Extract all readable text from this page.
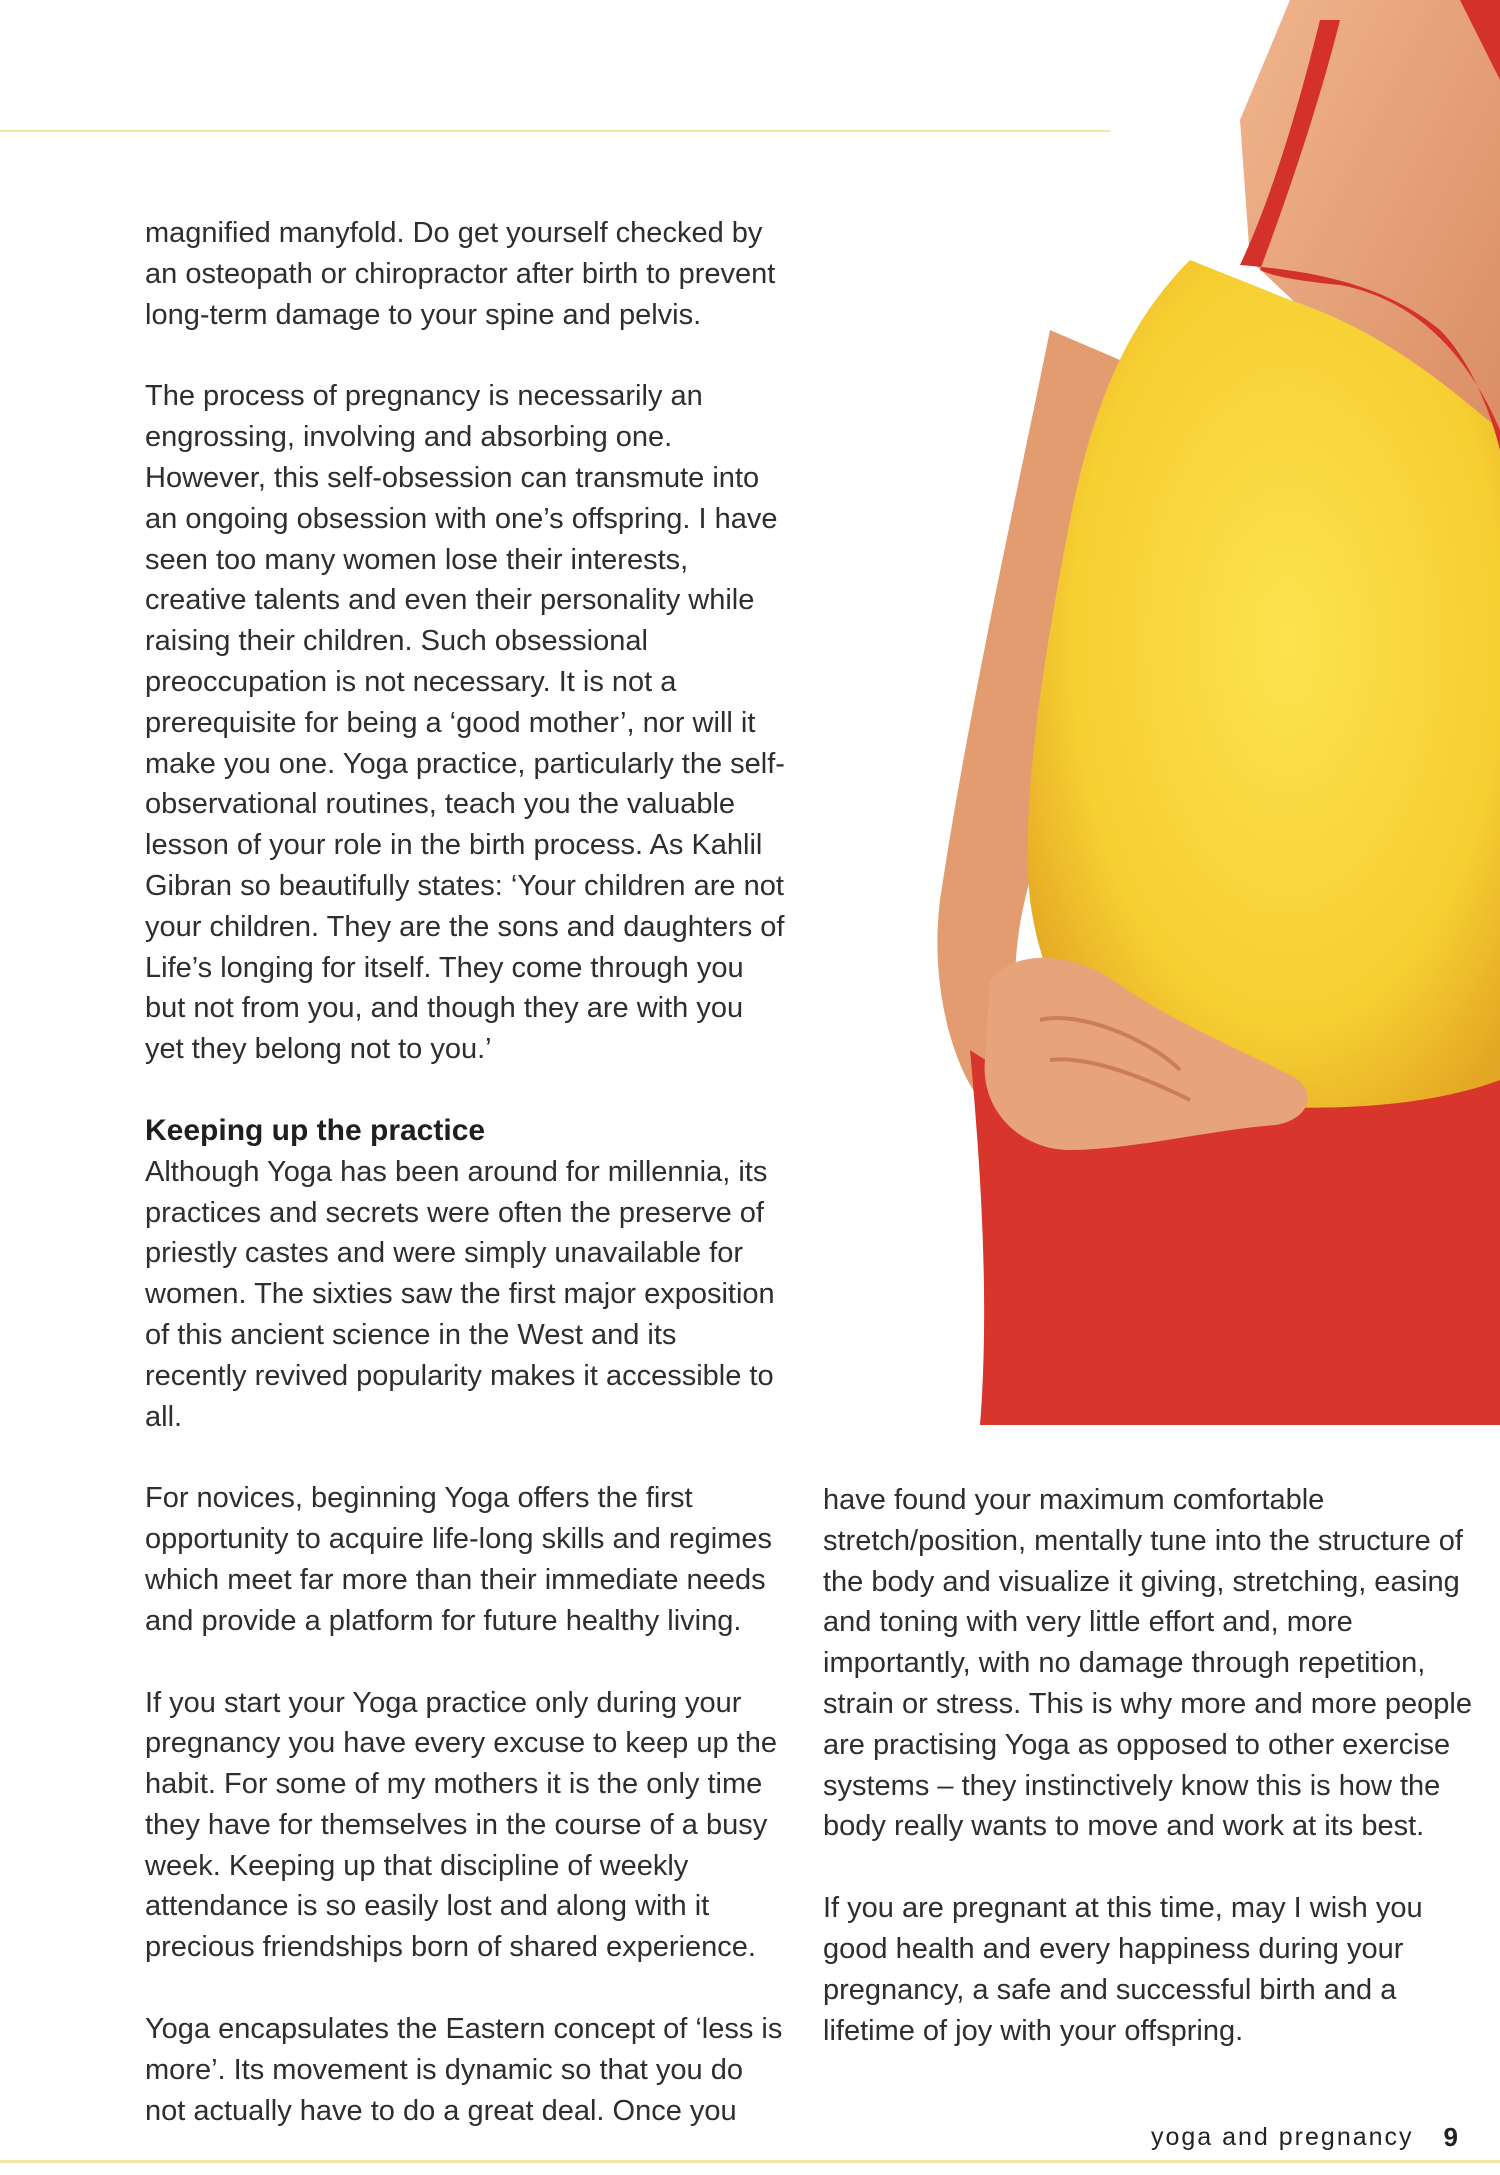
magnified manyfold. Do get yourself checked by an osteopath or chiropractor after birth to prevent long-term damage to your spine and pelvis.

The process of pregnancy is necessarily an engrossing, involving and absorbing one. However, this self-obsession can transmute into an ongoing obsession with one’s offspring. I have seen too many women lose their interests, creative talents and even their personality while raising their children. Such obsessional preoccupation is not necessary. It is not a prerequisite for being a ‘good mother’, nor will it make you one. Yoga practice, particularly the self-observational routines, teach you the valuable lesson of your role in the birth process. As Kahlil Gibran so beautifully states: ‘Your children are not your children. They are the sons and daughters of Life’s longing for itself. They come through you but not from you, and though they are with you yet they belong not to you.’

Keeping up the practice

Although Yoga has been around for millennia, its practices and secrets were often the preserve of priestly castes and were simply unavailable for women. The sixties saw the first major exposition of this ancient science in the West and its recently revived popularity makes it accessible to all.

For novices, beginning Yoga offers the first opportunity to acquire life-long skills and regimes which meet far more than their immediate needs and provide a platform for future healthy living.

If you start your Yoga practice only during your pregnancy you have every excuse to keep up the habit. For some of my mothers it is the only time they have for themselves in the course of a busy week. Keeping up that discipline of weekly attendance is so easily lost and along with it precious friendships born of shared experience.

Yoga encapsulates the Eastern concept of ‘less is more’. Its movement is dynamic so that you do not actually have to do a great deal. Once you

have found your maximum comfortable stretch/position, mentally tune into the structure of the body and visualize it giving, stretching, easing and toning with very little effort and, more importantly, with no damage through repetition, strain or stress. This is why more and more people are practising Yoga as opposed to other exercise systems – they instinctively know this is how the body really wants to move and work at its best.

If you are pregnant at this time, may I wish you good health and every happiness during your pregnancy, a safe and successful birth and a lifetime of joy with your offspring.

yoga and pregnancy 9
